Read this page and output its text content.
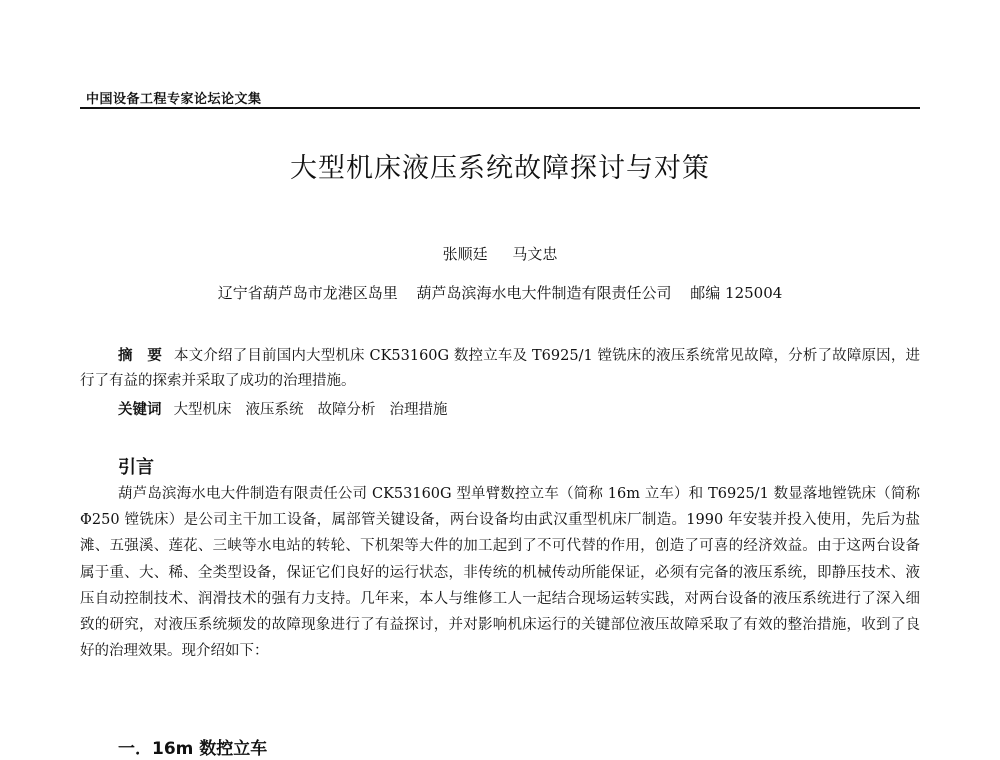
中国设备工程专家论坛论文集
大型机床液压系统故障探讨与对策
张顺廷 马文忠
辽宁省葫芦岛市龙港区岛里 葫芦岛滨海水电大件制造有限责任公司 邮编 125004
摘　要 本文介绍了目前国内大型机床 CK53160G 数控立车及 T6925/1 镗铣床的液压系统常见故障，分析了故障原因，进行了有益的探索并采取了成功的治理措施。
关键词 大型机床 液压系统 故障分析 治理措施
引言
葫芦岛滨海水电大件制造有限责任公司 CK53160G 型单臂数控立车（简称 16m 立车）和 T6925/1 数显落地镗铣床（简称Φ250 镗铣床）是公司主干加工设备，属部管关键设备，两台设备均由武汉重型机床厂制造。1990 年安装并投入使用，先后为盐滩、五强溪、莲花、三峡等水电站的转轮、下机架等大件的加工起到了不可代替的作用，创造了可喜的经济效益。由于这两台设备属于重、大、稀、全类型设备，保证它们良好的运行状态，非传统的机械传动所能保证，必须有完备的液压系统，即静压技术、液压自动控制技术、润滑技术的强有力支持。几年来，本人与维修工人一起结合现场运转实践，对两台设备的液压系统进行了深入细致的研究，对液压系统频发的故障现象进行了有益探讨，并对影响机床运行的关键部位液压故障采取了有效的整治措施，收到了良好的治理效果。现介绍如下：
一．16m 数控立车
